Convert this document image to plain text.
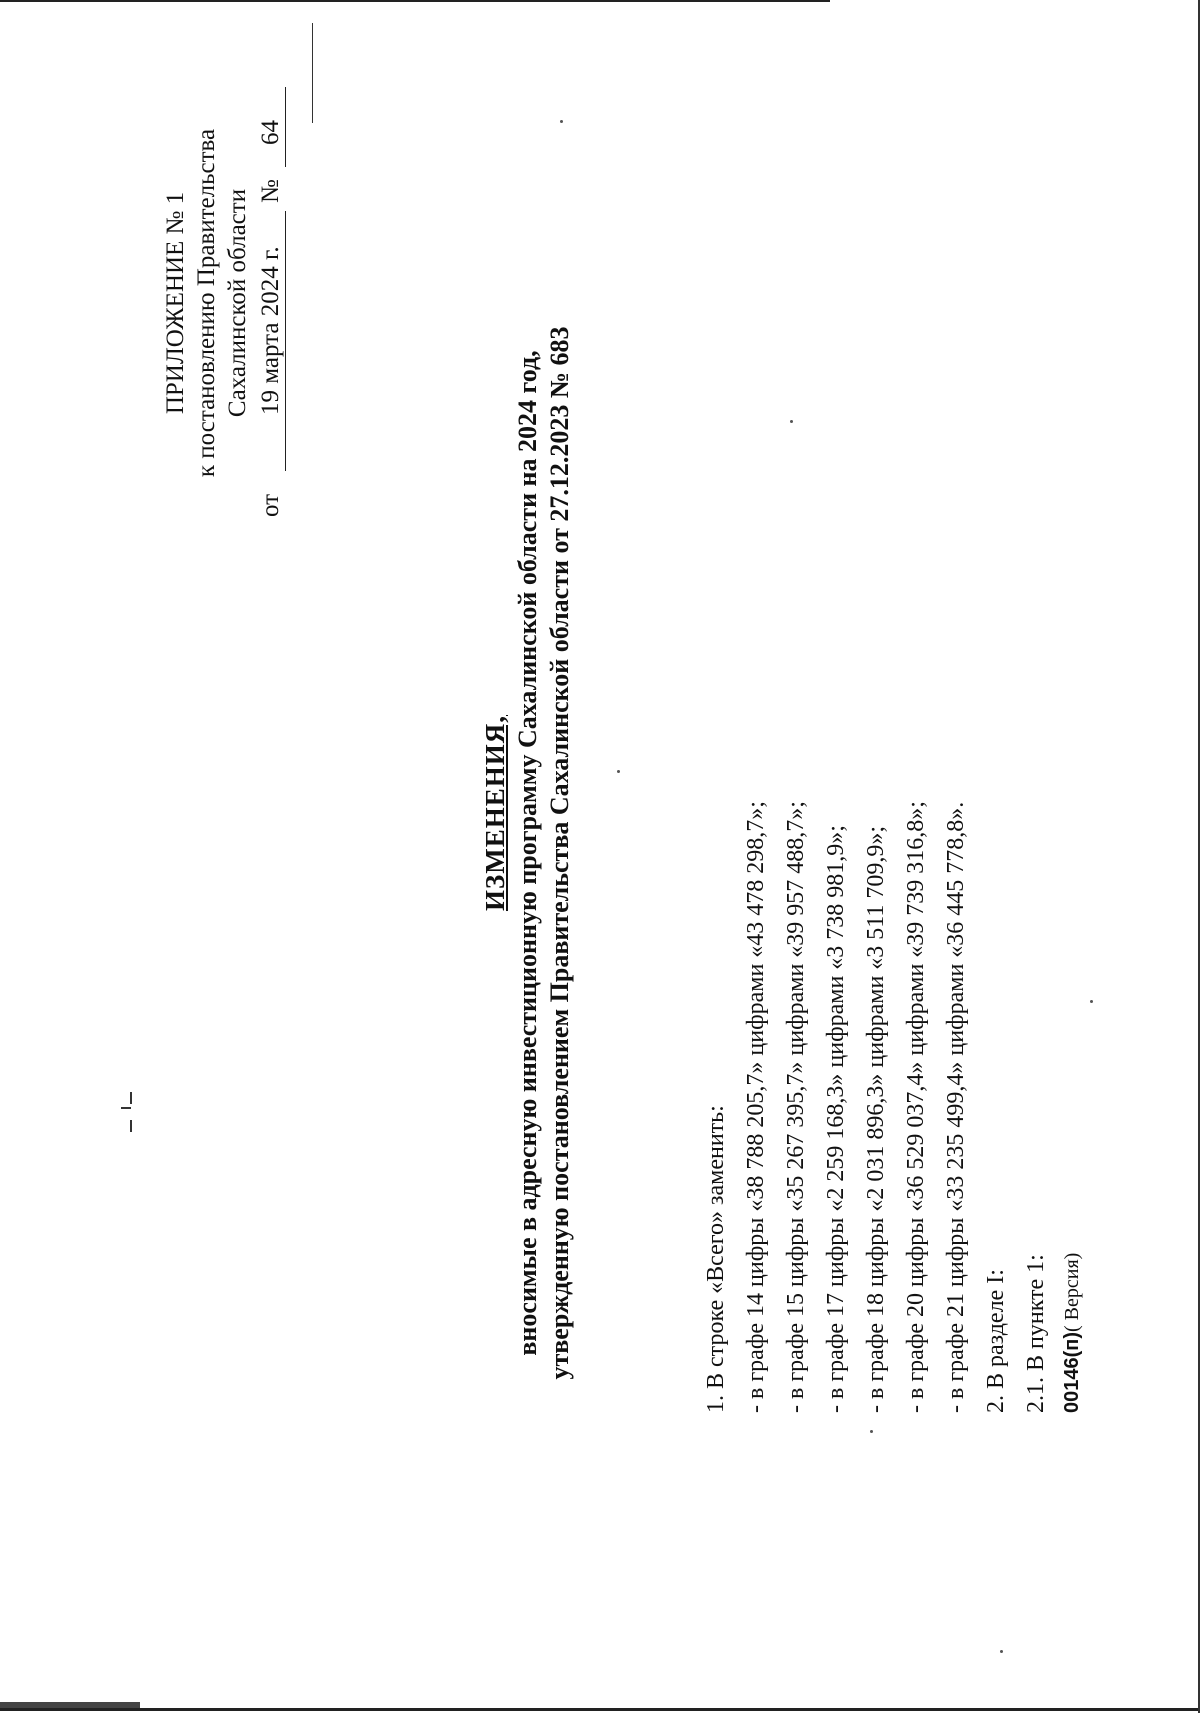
ПРИЛОЖЕНИЕ № 1 к постановлению Правительства Сахалинской области
от
19 марта 2024 г.
№
64
ИЗМЕНЕНИЯ, вносимые в адресную инвестиционную программу Сахалинской области на 2024 год, утвержденную постановлением Правительства Сахалинской области от 27.12.2023 № 683	1. В строке «Всего» заменить: - в графе 14 цифры «38 788 205,7» цифрами «43 478 298,7»; - в графе 15 цифры «35 267 395,7» цифрами «39 957 488,7»; - в графе 17 цифры «2 259 168,3» цифрами «3 738 981,9»; - в графе 18 цифры «2 031 896,3» цифрами «3 511 709,9»; - в графе 20 цифры «36 529 037,4» цифрами «39 739 316,8»; - в графе 21 цифры «33 235 499,4» цифрами «36 445 778,8». 2. В разделе I: 2.1. В пункте 1: 00146(п)( Версия)
